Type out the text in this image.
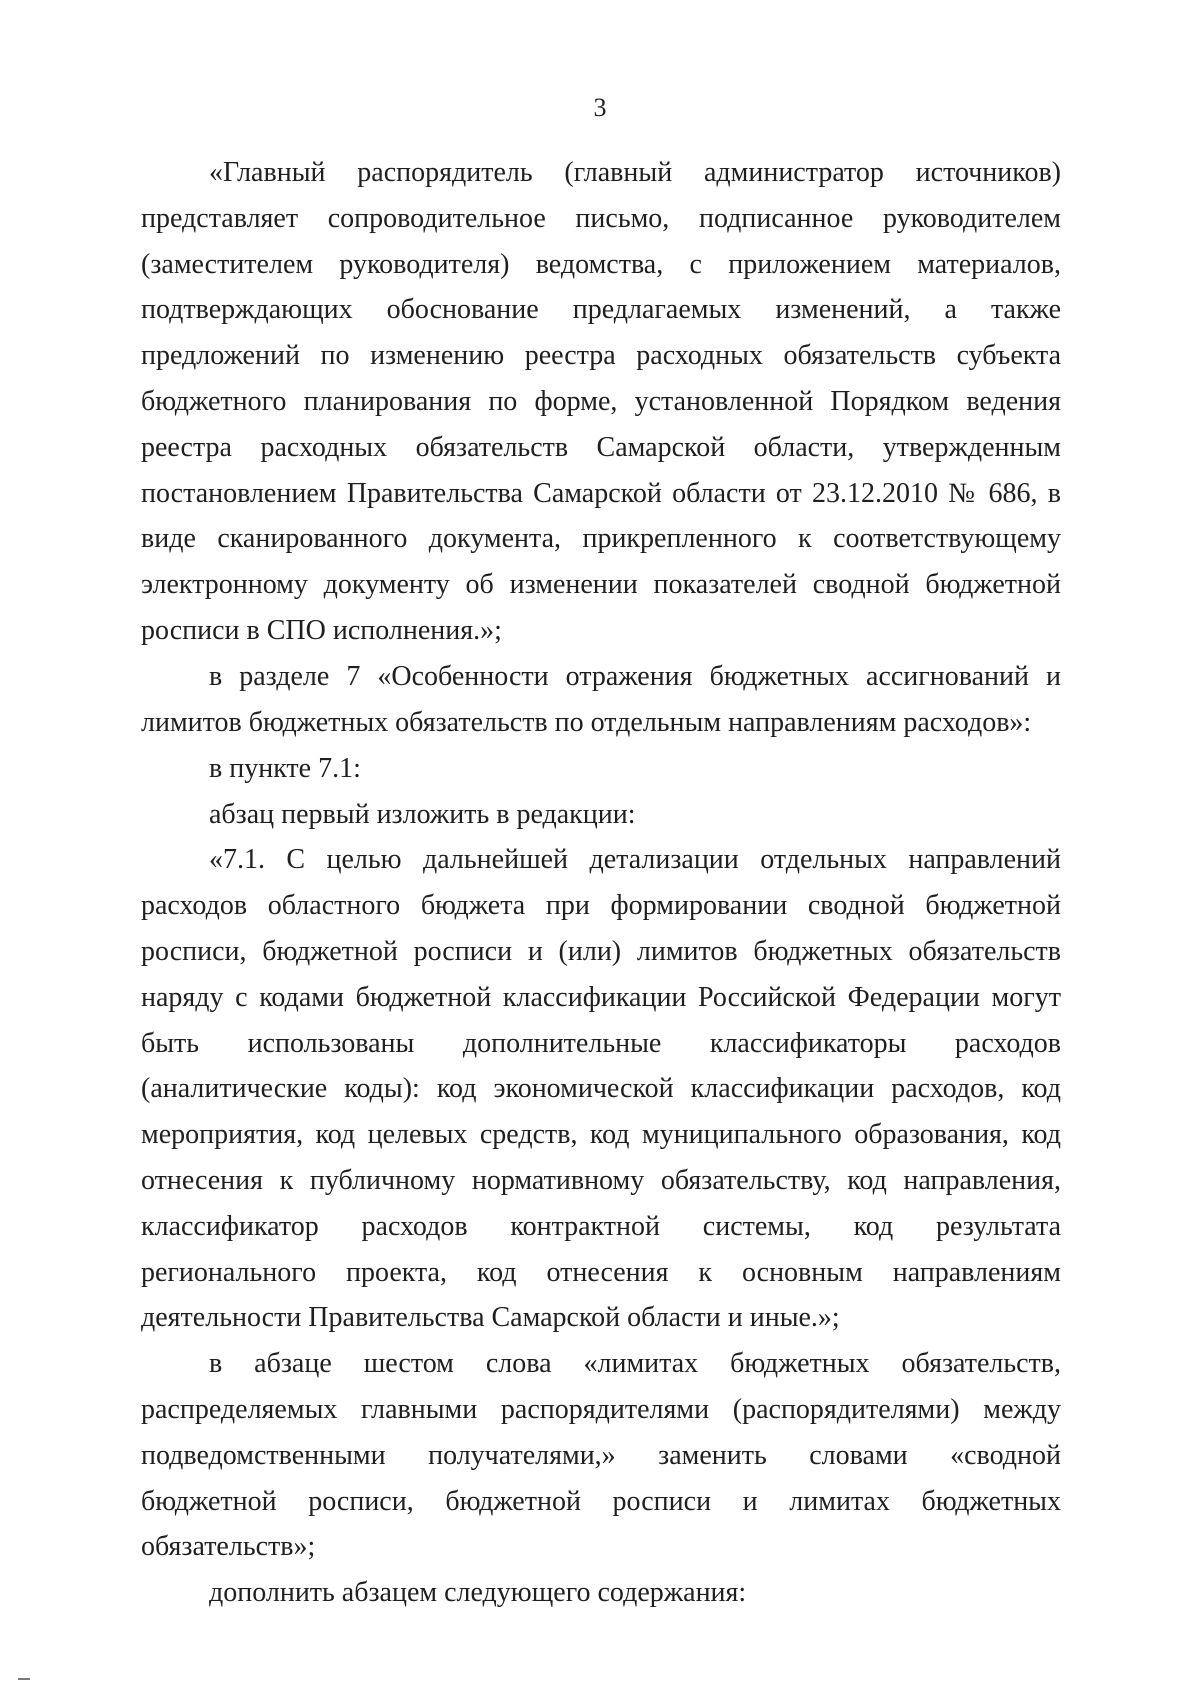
3

«Главный распорядитель (главный администратор источников) представляет сопроводительное письмо, подписанное руководителем (заместителем руководителя) ведомства, с приложением материалов, подтверждающих обоснование предлагаемых изменений, а также предложений по изменению реестра расходных обязательств субъекта бюджетного планирования по форме, установленной Порядком ведения реестра расходных обязательств Самарской области, утвержденным постановлением Правительства Самарской области от 23.12.2010 № 686, в виде сканированного документа, прикрепленного к соответствующему электронному документу об изменении показателей сводной бюджетной росписи в СПО исполнения.»;

в разделе 7 «Особенности отражения бюджетных ассигнований и лимитов бюджетных обязательств по отдельным направлениям расходов»:

в пункте 7.1:

абзац первый изложить в редакции:

«7.1. С целью дальнейшей детализации отдельных направлений расходов областного бюджета при формировании сводной бюджетной росписи, бюджетной росписи и (или) лимитов бюджетных обязательств наряду с кодами бюджетной классификации Российской Федерации могут быть использованы дополнительные классификаторы расходов (аналитические коды): код экономической классификации расходов, код мероприятия, код целевых средств, код муниципального образования, код отнесения к публичному нормативному обязательству, код направления, классификатор расходов контрактной системы, код результата регионального проекта, код отнесения к основным направлениям деятельности Правительства Самарской области и иные.»;

в абзаце шестом слова «лимитах бюджетных обязательств, распределяемых главными распорядителями (распорядителями) между подведомственными получателями,» заменить словами «сводной бюджетной росписи, бюджетной росписи и лимитах бюджетных обязательств»;

дополнить абзацем следующего содержания:
